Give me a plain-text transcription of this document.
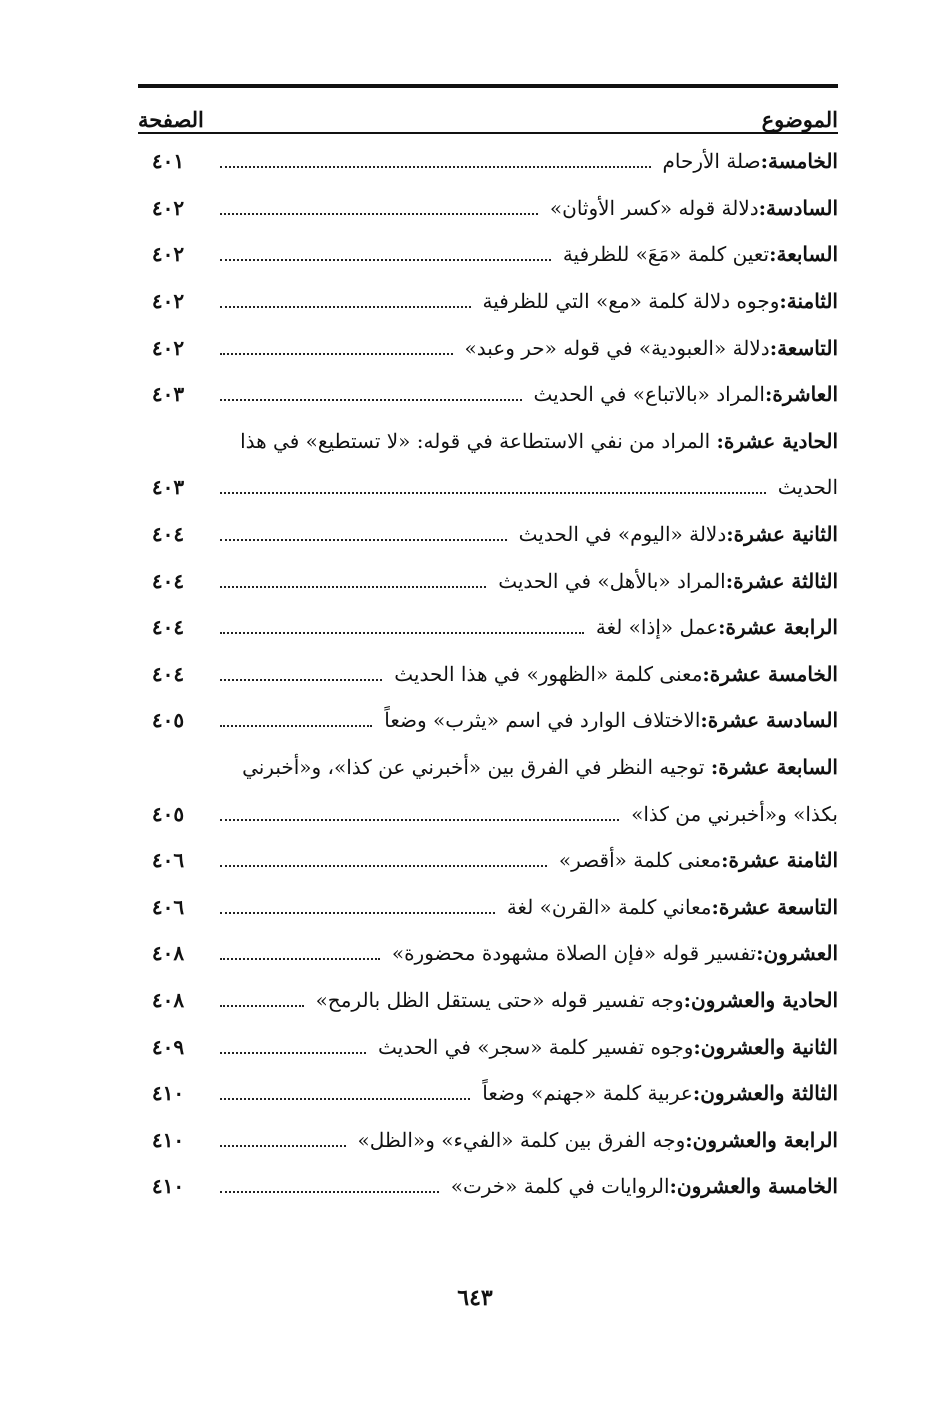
الموضوع
الصفحة
الخامسة:
صلة الأرحام
٤٠١
السادسة:
دلالة قوله «كسر الأوثان»
٤٠٢
السابعة:
تعين كلمة «مَعَ» للظرفية
٤٠٢
الثامنة:
وجوه دلالة كلمة «مع» التي للظرفية
٤٠٢
التاسعة:
دلالة «العبودية» في قوله «حر وعبد»
٤٠٢
العاشرة:
المراد «بالاتباع» في الحديث
٤٠٣
الحادية عشرة: المراد من نفي الاستطاعة في قوله: «لا تستطيع» في هذا
الحديث
٤٠٣
الثانية عشرة:
دلالة «اليوم» في الحديث
٤٠٤
الثالثة عشرة:
المراد «بالأهل» في الحديث
٤٠٤
الرابعة عشرة:
عمل «إذا» لغة
٤٠٤
الخامسة عشرة:
معنى كلمة «الظهور» في هذا الحديث
٤٠٤
السادسة عشرة:
الاختلاف الوارد في اسم «يثرب» وضعاً
٤٠٥
السابعة عشرة: توجيه النظر في الفرق بين «أخبرني عن كذا»، و«أخبرني
بكذا» و«أخبرني من كذا»
٤٠٥
الثامنة عشرة:
معنى كلمة «أقصر»
٤٠٦
التاسعة عشرة:
معاني كلمة «القرن» لغة
٤٠٦
العشرون:
تفسير قوله «فإن الصلاة مشهودة محضورة»
٤٠٨
الحادية والعشرون:
وجه تفسير قوله «حتى يستقل الظل بالرمح»
٤٠٨
الثانية والعشرون:
وجوه تفسير كلمة «سجر» في الحديث
٤٠٩
الثالثة والعشرون:
عربية كلمة «جهنم» وضعاً
٤١٠
الرابعة والعشرون:
وجه الفرق بين كلمة «الفيء» و«الظل»
٤١٠
الخامسة والعشرون:
الروايات في كلمة «خرت»
٤١٠
٦٤٣
